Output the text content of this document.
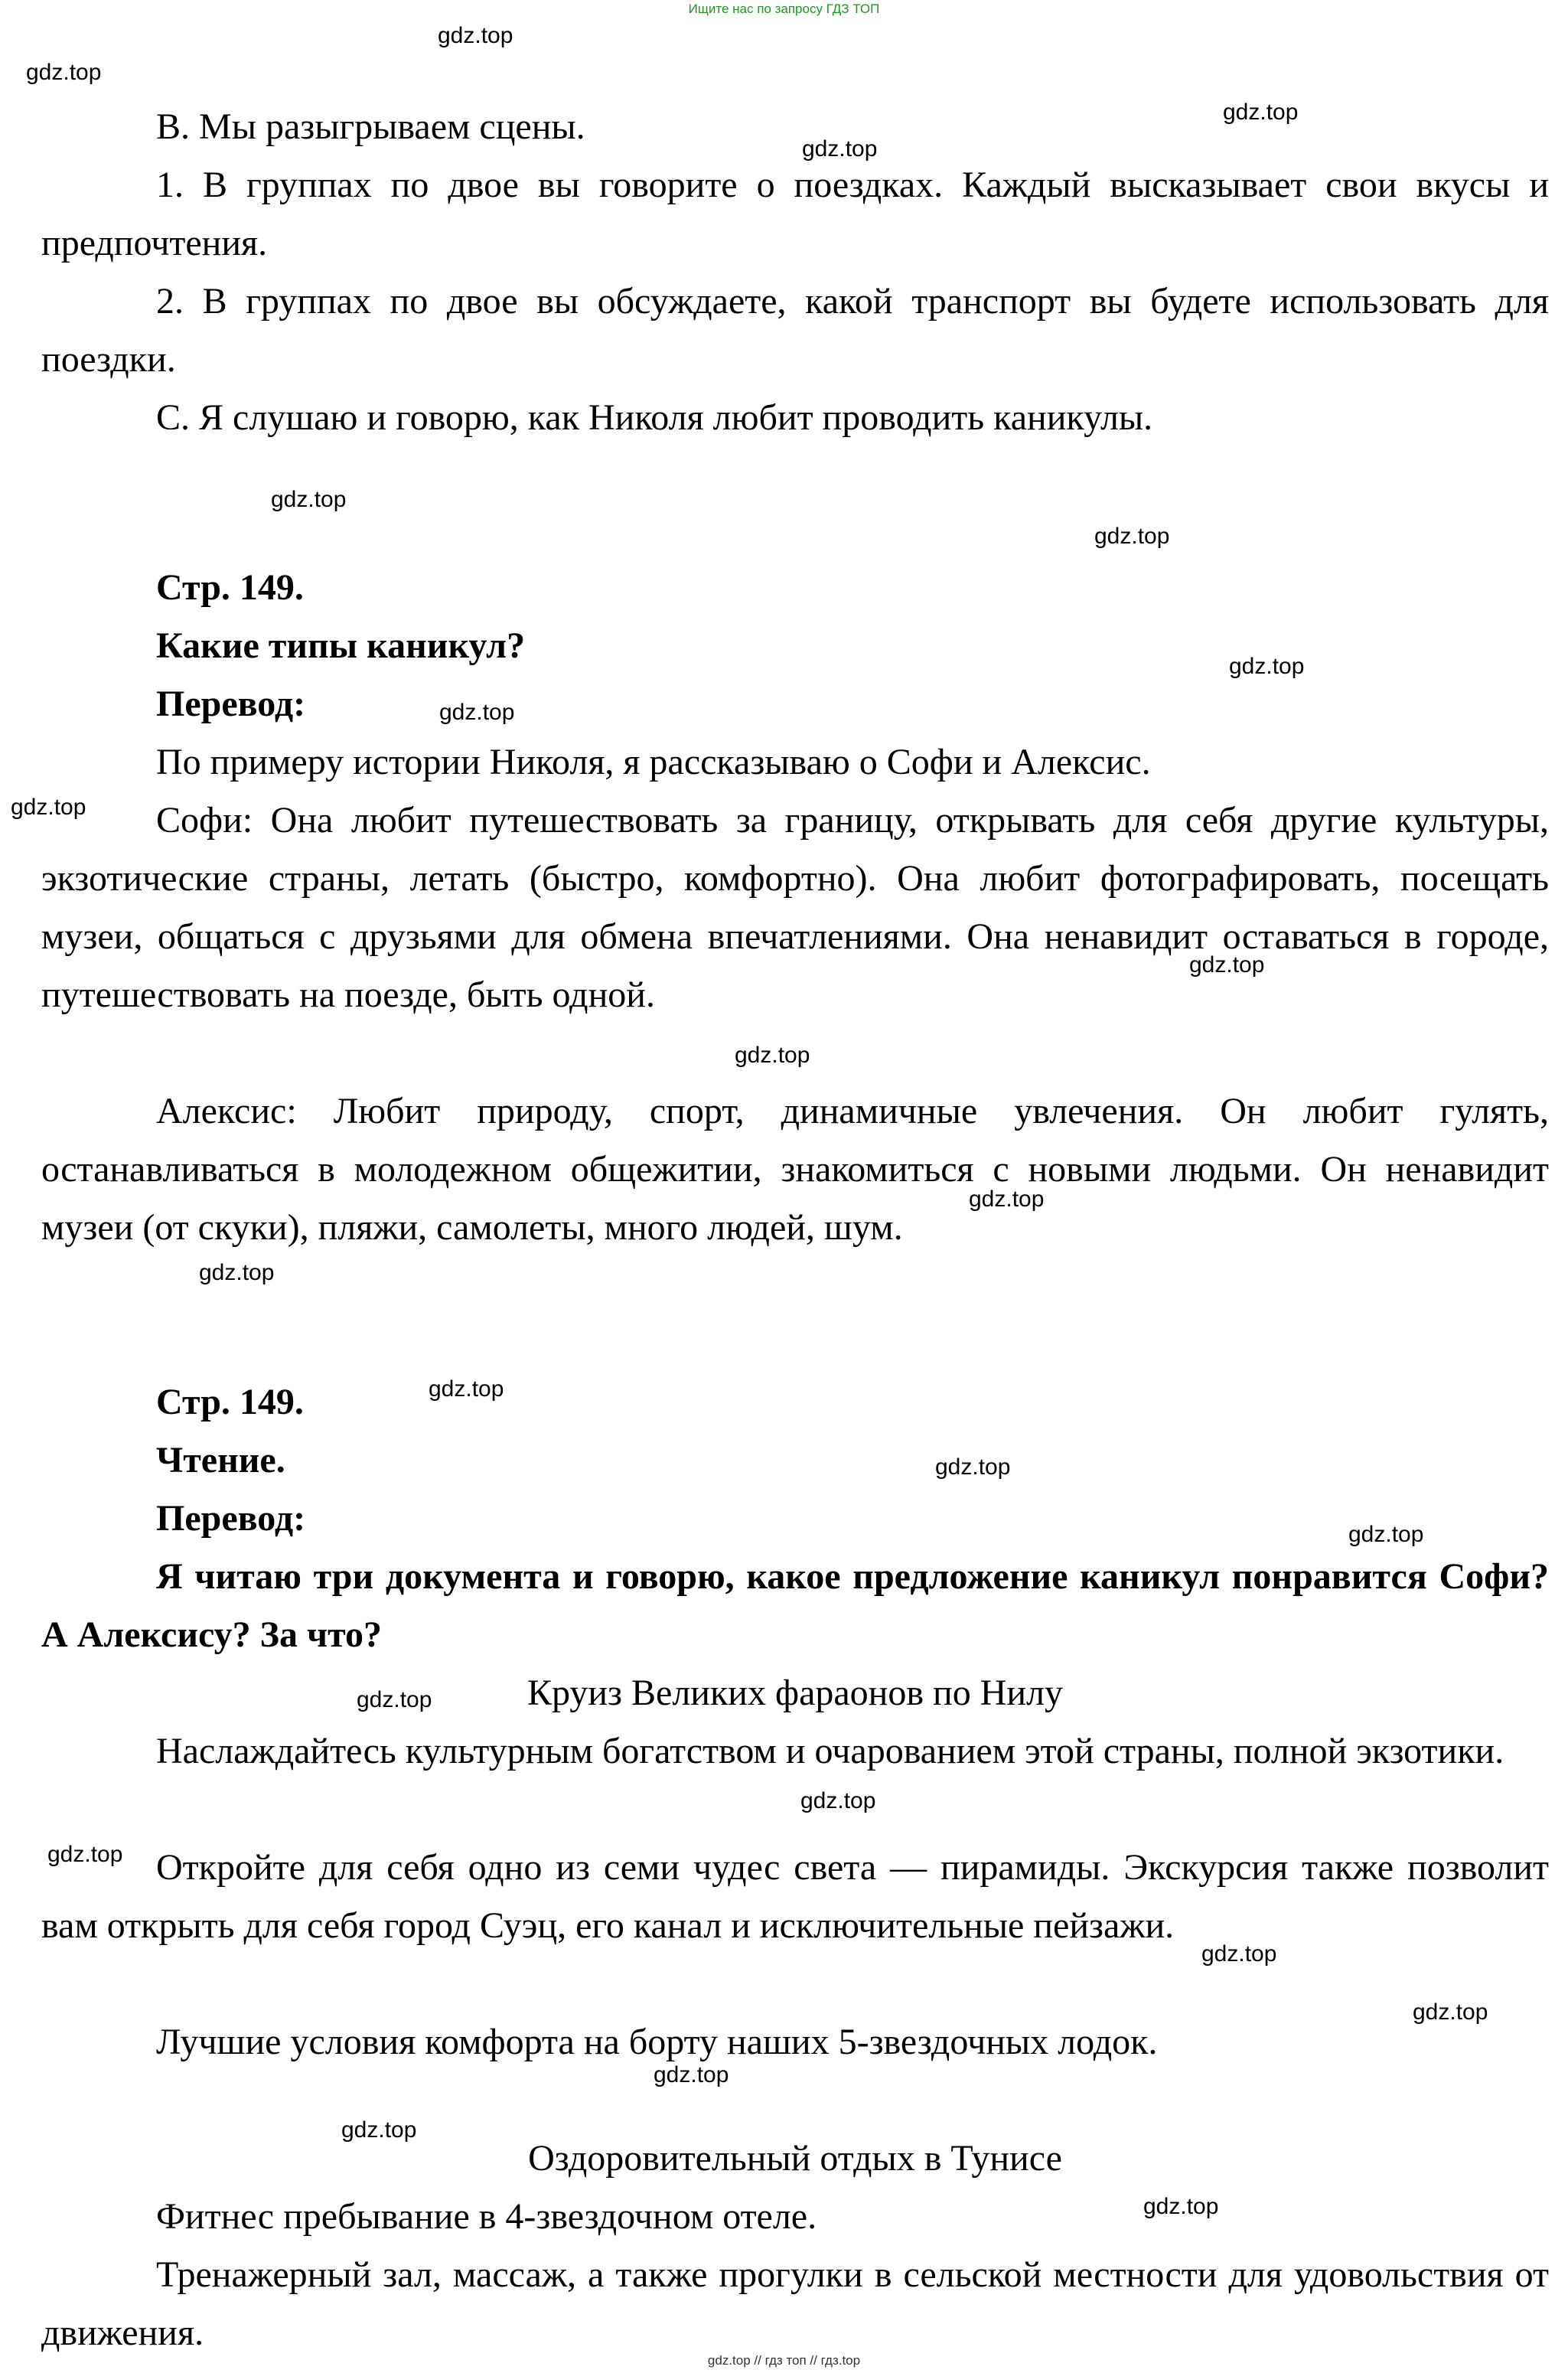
Ищите нас по запросу ГДЗ ТОП

В. Мы разыгрываем сцены.

1. В группах по двое вы говорите о поездках. Каждый высказывает свои вкусы и предпочтения.

2. В группах по двое вы обсуждаете, какой транспорт вы будете использовать для поездки.

С. Я слушаю и говорю, как Николя любит проводить каникулы.

Стр. 149.

Какие типы каникул?

Перевод:

По примеру истории Николя, я рассказываю о Софи и Алексис.

Софи: Она любит путешествовать за границу, открывать для себя другие культуры, экзотические страны, летать (быстро, комфортно). Она любит фотографировать, посещать музеи, общаться с друзьями для обмена впечатлениями. Она ненавидит оставаться в городе, путешествовать на поезде, быть одной.

Алексис: Любит природу, спорт, динамичные увлечения. Он любит гулять, останавливаться в молодежном общежитии, знакомиться с новыми людьми. Он ненавидит музеи (от скуки), пляжи, самолеты, много людей, шум.

Стр. 149.

Чтение.

Перевод:

Я читаю три документа и говорю, какое предложение каникул понравится Софи? А Алексису? За что?

Круиз Великих фараонов по Нилу

Наслаждайтесь культурным богатством и очарованием этой страны, полной экзотики.

Откройте для себя одно из семи чудес света — пирамиды. Экскурсия также позволит вам открыть для себя город Суэц, его канал и исключительные пейзажи.

Лучшие условия комфорта на борту наших 5-звездочных лодок.

Оздоровительный отдых в Тунисе

Фитнес пребывание в 4-звездочном отеле.

Тренажерный зал, массаж, а также прогулки в сельской местности для удовольствия от движения.

gdz.top
gdz.top
gdz.top
gdz.top
gdz.top
gdz.top
gdz.top
gdz.top
gdz.top
gdz.top
gdz.top
gdz.top
gdz.top
gdz.top
gdz.top
gdz.top
gdz.top
gdz.top
gdz.top
gdz.top
gdz.top
gdz.top
gdz.top
gdz.top
gdz.top // гдз топ // гдз.top
